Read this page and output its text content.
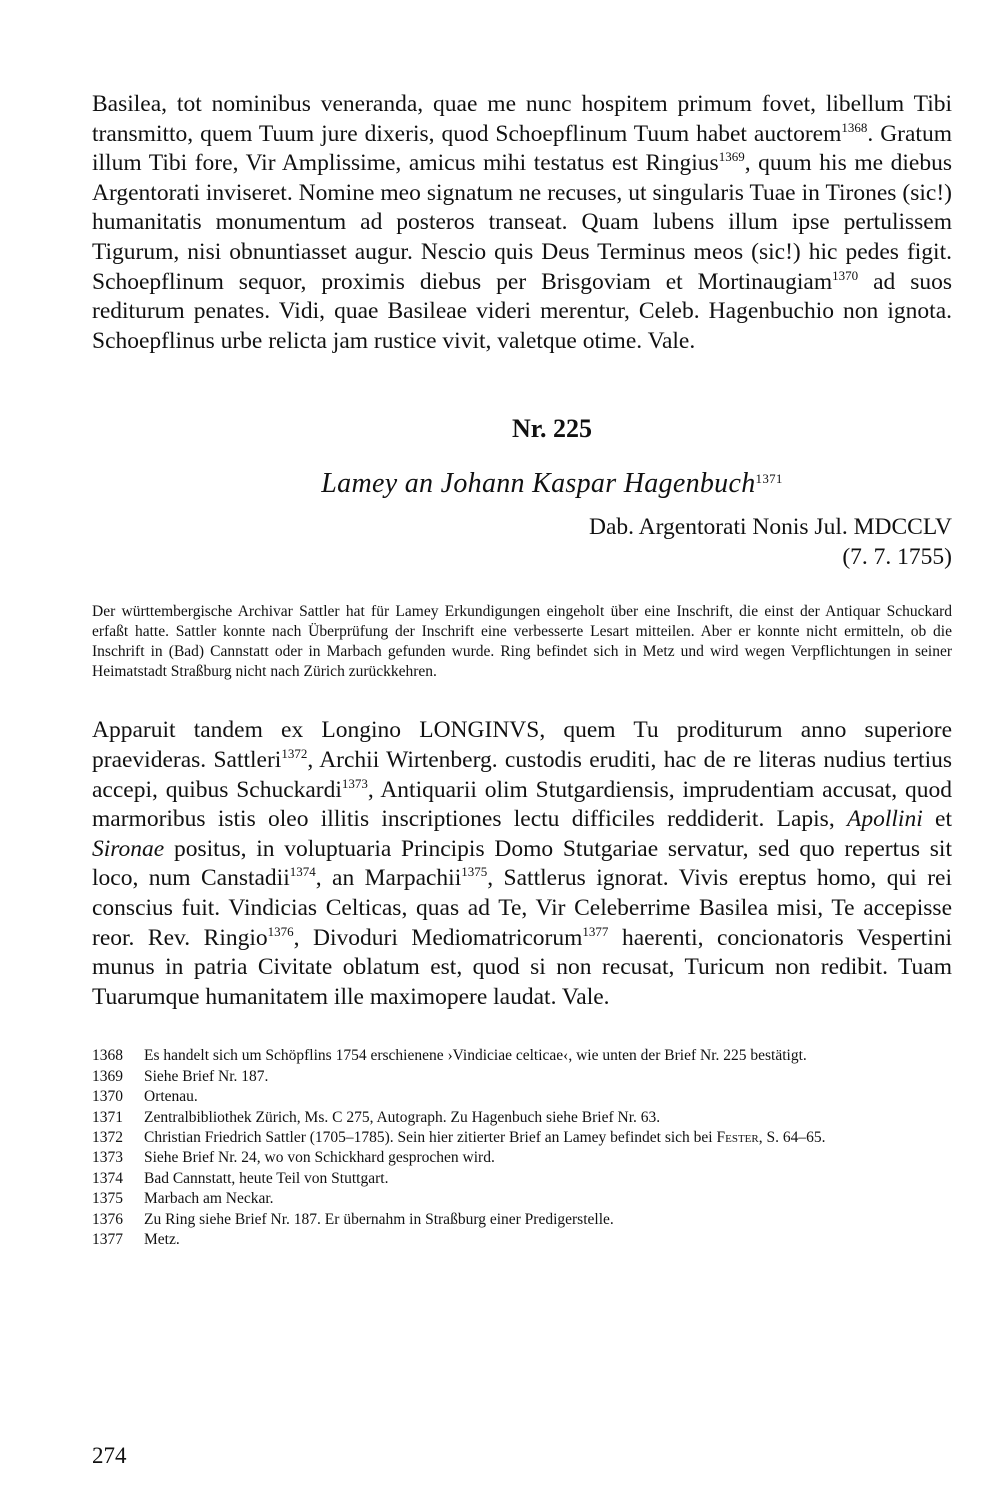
Basilea, tot nominibus veneranda, quae me nunc hospitem primum fovet, libellum Tibi transmitto, quem Tuum jure dixeris, quod Schoepflinum Tuum habet auctorem$^{1368}$. Gratum illum Tibi fore, Vir Amplissime, amicus mihi testatus est Ringius$^{1369}$, quum his me diebus Argentorati inviseret. Nomine meo signatum ne recuses, ut singularis Tuae in Tirones (sic!) humanitatis monumentum ad posteros transeat. Quam lubens illum ipse pertulissem Tigurum, nisi obnuntiasset augur. Nescio quis Deus Terminus meos (sic!) hic pedes figit. Schoepflinum sequor, proximis diebus per Brisgoviam et Mortinaugiam$^{1370}$ ad suos rediturum penates. Vidi, quae Basileae videri merentur, Celeb. Hagenbuchio non ignota. Schoepflinus urbe relicta jam rustice vivit, valetque otime. Vale.

Nr. 225

Lamey an Johann Kaspar Hagenbuch$^{1371}$

Dab. Argentorati Nonis Jul. MDCCLV
(7. 7. 1755)

Der württembergische Archivar Sattler hat für Lamey Erkundigungen eingeholt über eine Inschrift, die einst der Antiquar Schuckard erfaßt hatte. Sattler konnte nach Überprüfung der Inschrift eine verbesserte Lesart mitteilen. Aber er konnte nicht ermitteln, ob die Inschrift in (Bad) Cannstatt oder in Marbach gefunden wurde. Ring befindet sich in Metz und wird wegen Verpflichtungen in seiner Heimatstadt Straßburg nicht nach Zürich zurückkehren.

Apparuit tandem ex Longino LONGINVS, quem Tu proditurum anno superiore praevideras. Sattleri$^{1372}$, Archii Wirtenberg. custodis eruditi, hac de re literas nudius tertius accepi, quibus Schuckardi$^{1373}$, Antiquarii olim Stutgardiensis, imprudentiam accusat, quod marmoribus istis oleo illitis inscriptiones lectu difficiles reddiderit. Lapis, Apollini et Sironae positus, in voluptuaria Principis Domo Stutgariae servatur, sed quo repertus sit loco, num Canstadii$^{1374}$, an Marpachii$^{1375}$, Sattlerus ignorat. Vivis ereptus homo, qui rei conscius fuit. Vindicias Celticas, quas ad Te, Vir Celeberrime Basilea misi, Te accepisse reor. Rev. Ringio$^{1376}$, Divoduri Mediomatricorum$^{1377}$ haerenti, concionatoris Vespertini munus in patria Civitate oblatum est, quod si non recusat, Turicum non redibit. Tuam Tuarumque humanitatem ille maximopere laudat. Vale.

1368	Es handelt sich um Schöpflins 1754 erschienene ›Vindiciae celticae‹, wie unten der Brief Nr. 225 bestätigt.
1369	Siehe Brief Nr. 187.
1370	Ortenau.
1371	Zentralbibliothek Zürich, Ms. C 275, Autograph. Zu Hagenbuch siehe Brief Nr. 63.
1372	Christian Friedrich Sattler (1705–1785). Sein hier zitierter Brief an Lamey befindet sich bei Fester, S. 64–65.
1373	Siehe Brief Nr. 24, wo von Schickhard gesprochen wird.
1374	Bad Cannstatt, heute Teil von Stuttgart.
1375	Marbach am Neckar.
1376	Zu Ring siehe Brief Nr. 187. Er übernahm in Straßburg einer Predigerstelle.
1377	Metz.
274
